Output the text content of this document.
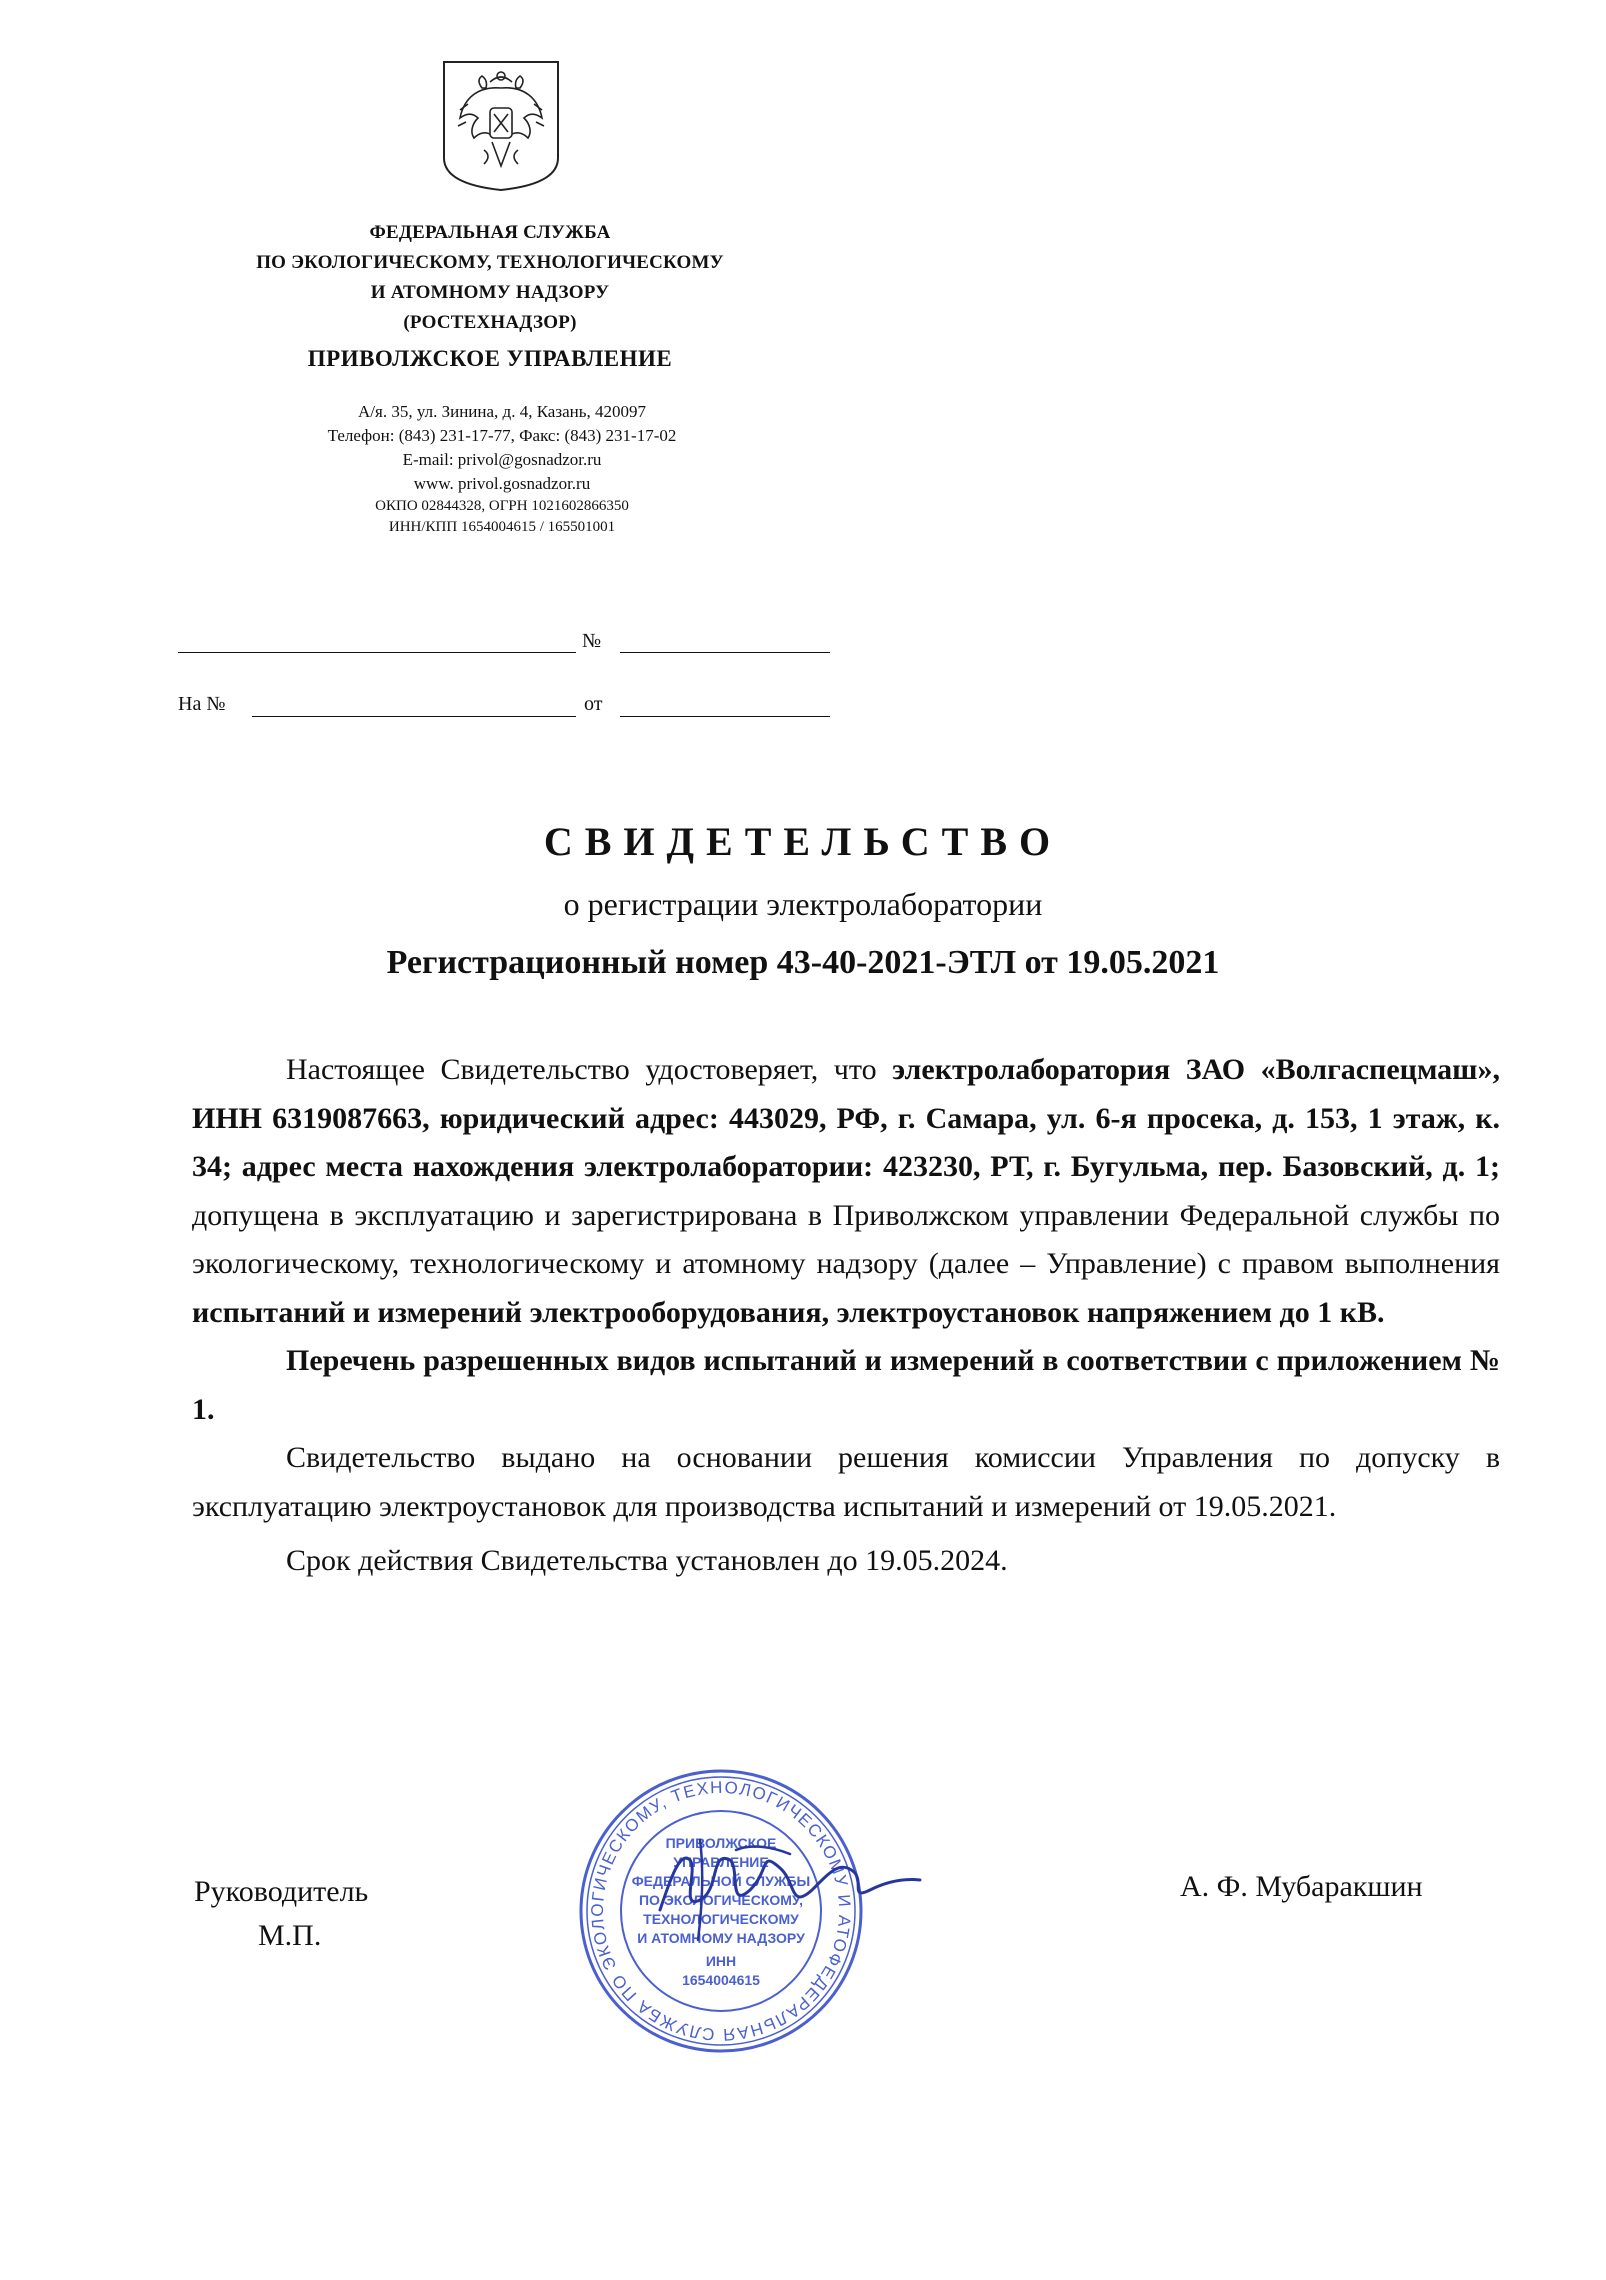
ФЕДЕРАЛЬНАЯ СЛУЖБА
ПО ЭКОЛОГИЧЕСКОМУ, ТЕХНОЛОГИЧЕСКОМУ
И АТОМНОМУ НАДЗОРУ
(РОСТЕХНАДЗОР)
ПРИВОЛЖСКОЕ УПРАВЛЕНИЕ
А/я. 35, ул. Зинина, д. 4, Казань, 420097
Телефон: (843) 231-17-77, Факс: (843) 231-17-02
E-mail: privol@gosnadzor.ru
www. privol.gosnadzor.ru
ОКПО 02844328, ОГРН 1021602866350
ИНН/КПП 1654004615 / 165501001
№
На №	от
СВИДЕТЕЛЬСТВО
о регистрации электролаборатории
Регистрационный номер 43-40-2021-ЭТЛ от 19.05.2021

Настоящее Свидетельство удостоверяет, что электролаборатория ЗАО «Волгаспецмаш», ИНН 6319087663, юридический адрес: 443029, РФ, г. Самара, ул. 6-я просека, д. 153, 1 этаж, к. 34; адрес места нахождения электролаборатории: 423230, РТ, г. Бугульма, пер. Базовский, д. 1; допущена в эксплуатацию и зарегистрирована в Приволжском управлении Федеральной службы по экологическому, технологическому и атомному надзору (далее – Управление) с правом выполнения испытаний и измерений электрооборудования, электроустановок напряжением до 1 кВ.

Перечень разрешенных видов испытаний и измерений в соответствии с приложением № 1.

Свидетельство выдано на основании решения комиссии Управления по допуску в эксплуатацию электроустановок для производства испытаний и измерений от 19.05.2021.

Срок действия Свидетельства установлен до 19.05.2024.

Руководитель
М.П.
А. Ф. Мубаракшин
ФЕДЕРАЛЬНАЯ СЛУЖБА ПО ЭКОЛОГИЧЕСКОМУ, ТЕХНОЛОГИЧЕСКОМУ И АТОМНОМУ
ПРИВОЛЖСКОЕ
УПРАВЛЕНИЕ
ФЕДЕРАЛЬНОЙ СЛУЖБЫ
ПО ЭКОЛОГИЧЕСКОМУ,
ТЕХНОЛОГИЧЕСКОМУ
И АТОМНОМУ НАДЗОРУ
ИНН
1654004615
